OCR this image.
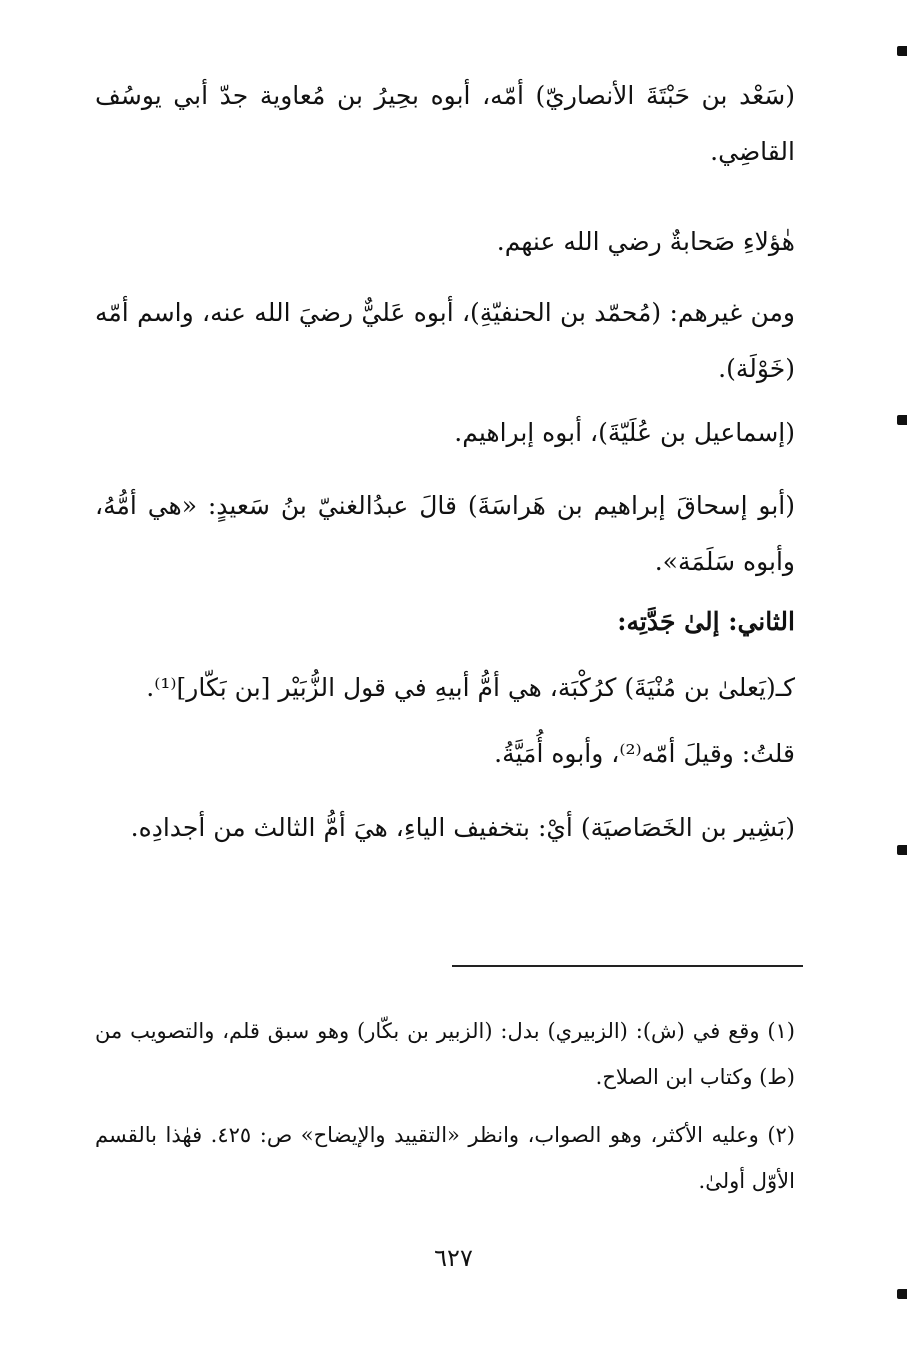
(سَعْد بن حَبْتَةَ الأنصاريّ) أمّه، أبوه بحِيرُ بن مُعاوية جدّ أبي يوسُف القاضِي.

هٰؤلاءِ صَحابةٌ رضي الله عنهم.

ومن غيرهم: (مُحمّد بن الحنفيّةِ)، أبوه عَليٌّ رضيَ الله عنه، واسم أمّه (خَوْلَة).

(إسماعيل بن عُلَيّةَ)، أبوه إبراهيم.

(أبو إسحاقَ إبراهيم بن هَراسَةَ) قالَ عبدُالغنيّ بنُ سَعيدٍ: «هي أمُّهُ، وأبوه سَلَمَة».

الثاني: إلىٰ جَدَّتِه:

كـ(يَعلىٰ بن مُنْيَةَ) كرُكْبَة، هي أمُّ أبيهِ في قول الزُّبَيْر [بن بَكّار]⁽¹⁾.

قلتُ: وقيلَ أمّه⁽²⁾، وأبوه أُمَيَّةُ.

(بَشِير بن الخَصَاصيَة) أيْ: بتخفيف الياءِ، هيَ أمُّ الثالث من أجدادِه.

(١) وقع في (ش): (الزبيري) بدل: (الزبير بن بكّار) وهو سبق قلم، والتصويب من (ط) وكتاب ابن الصلاح.

(٢) وعليه الأكثر، وهو الصواب، وانظر «التقييد والإيضاح» ص: ٤٢٥. فهٰذا بالقسم الأوّل أولىٰ.

٦٢٧
